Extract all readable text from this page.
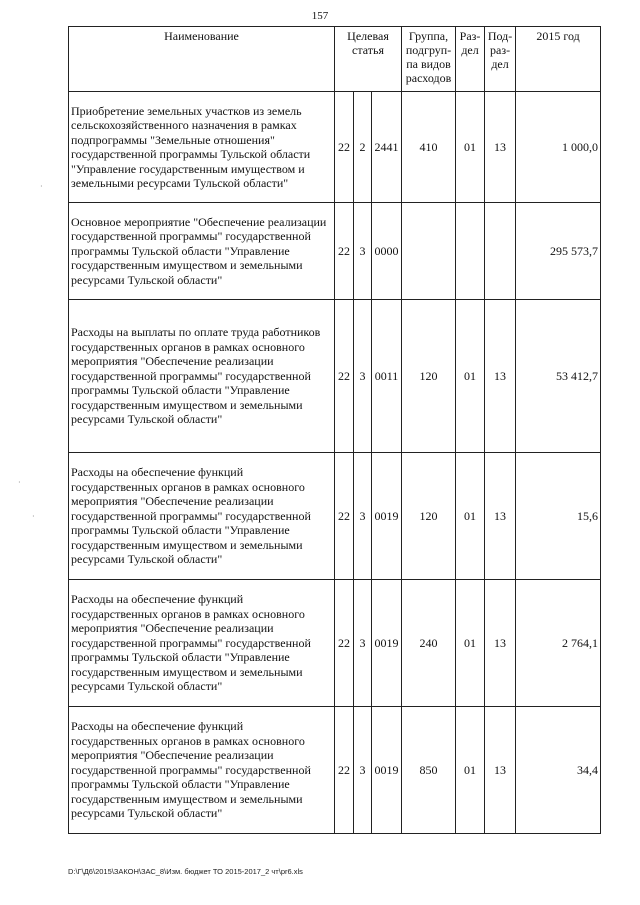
157
Наименование	Целевая статья			Группа, подгруп-па видов расходов	Раз-дел	Под-раз-дел	2015 год
Приобретение земельных участков из земель сельскохозяйственного назначения в рамках подпрограммы "Земельные отношения" государственной программы Тульской области "Управление государственным имуществом и земельными ресурсами Тульской области"	22	2	2441	410	01	13	1 000,0
Основное мероприятие "Обеспечение реализации государственной программы" государственной программы Тульской области "Управление государственным имуществом и земельными ресурсами Тульской области"	22	3	0000				295 573,7
Расходы на выплаты по оплате труда работников государственных органов в рамках основного мероприятия "Обеспечение реализации государственной программы" государственной программы Тульской области "Управление государственным имуществом и земельными ресурсами Тульской области"	22	3	0011	120	01	13	53 412,7
Расходы на обеспечение функций государственных органов в рамках основного мероприятия "Обеспечение реализации государственной программы" государственной программы Тульской области "Управление государственным имуществом и земельными ресурсами Тульской области"	22	3	0019	120	01	13	15,6
Расходы на обеспечение функций государственных органов в рамках основного мероприятия "Обеспечение реализации государственной программы" государственной программы Тульской области "Управление государственным имуществом и земельными ресурсами Тульской области"	22	3	0019	240	01	13	2 764,1
Расходы на обеспечение функций государственных органов в рамках основного мероприятия "Обеспечение реализации государственной программы" государственной программы Тульской области "Управление государственным имуществом и земельными ресурсами Тульской области"	22	3	0019	850	01	13	34,4
D:\Г\Д6\2015\ЗАКОН\ЗАС_8\Изм. бюджет ТО 2015-2017_2 чт\pr6.xls
·
·
·
